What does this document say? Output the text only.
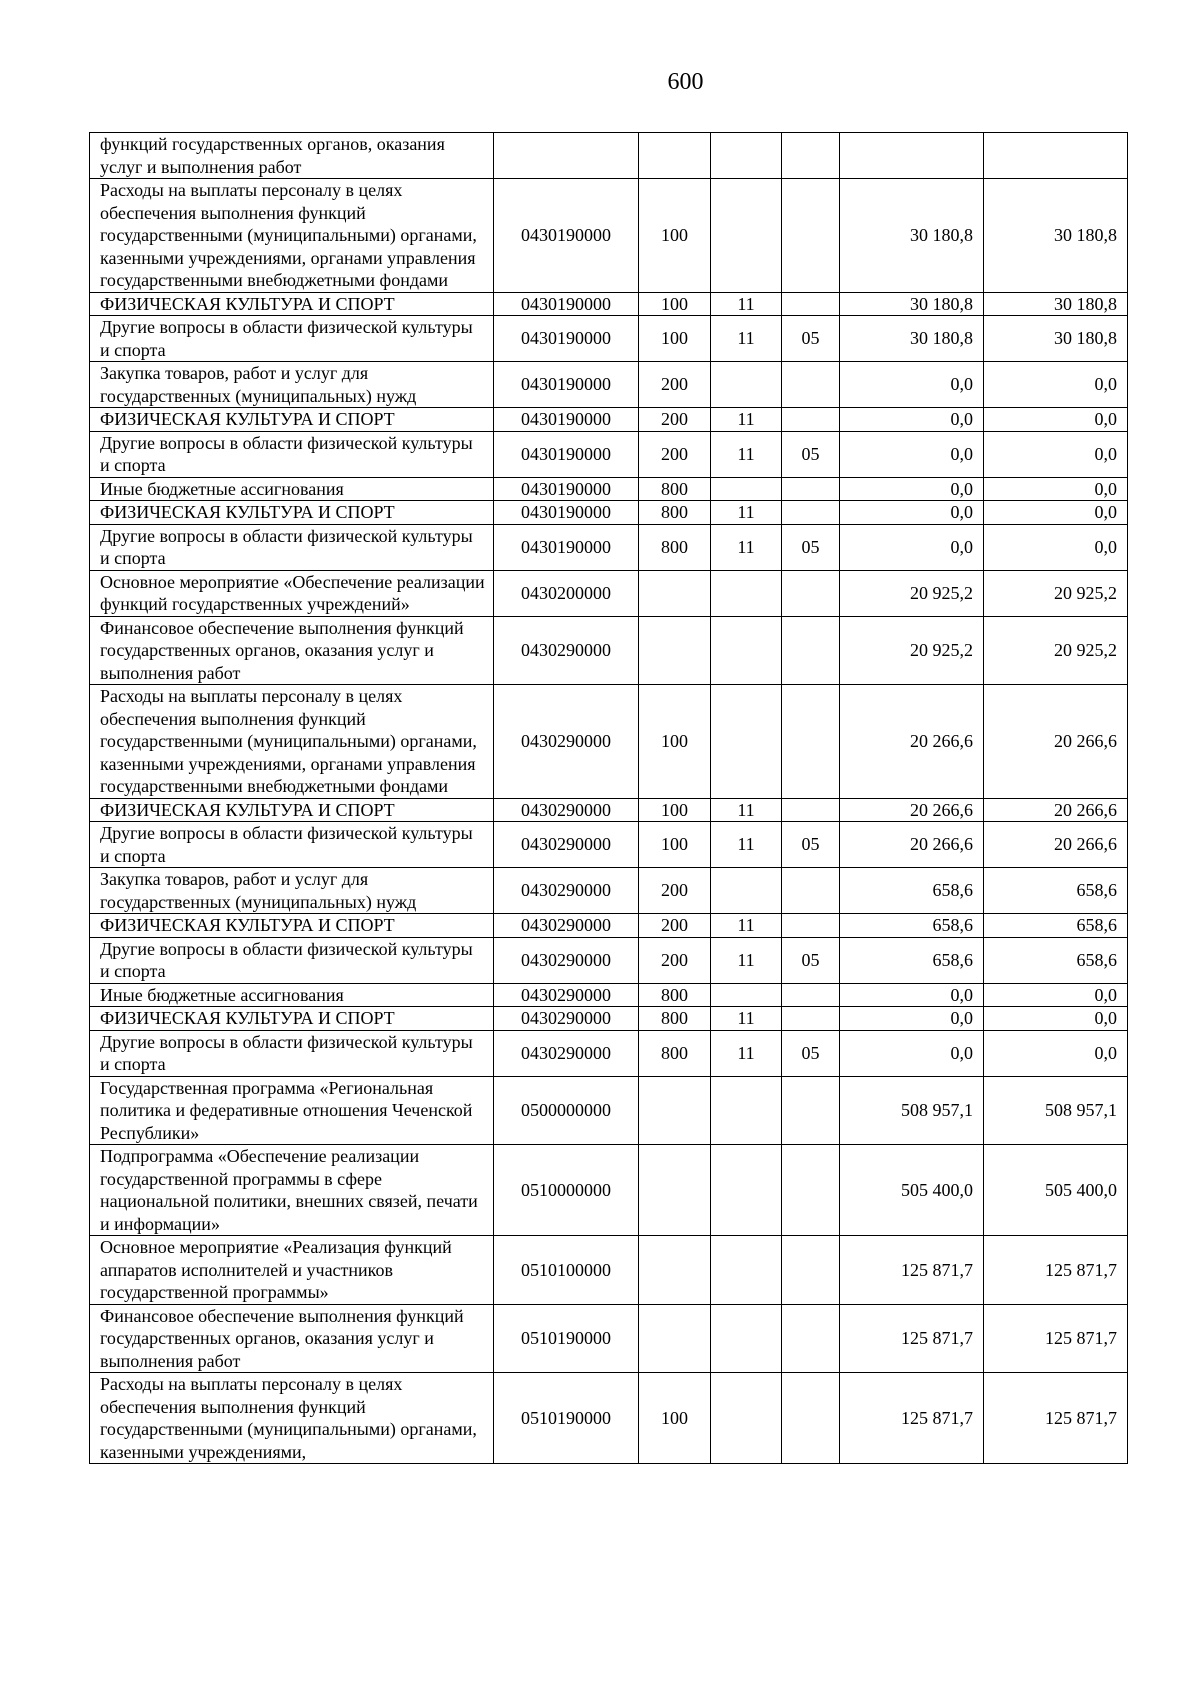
600
функций государственных органов, оказания услуг и выполнения работ						
Расходы на выплаты персоналу в целях обеспечения выполнения функций государственными (муниципальными) органами, казенными учреждениями, органами управления государственными внебюджетными фондами	0430190000	100			30 180,8	30 180,8
ФИЗИЧЕСКАЯ КУЛЬТУРА И СПОРТ	0430190000	100	11		30 180,8	30 180,8
Другие вопросы в области физической культуры и спорта	0430190000	100	11	05	30 180,8	30 180,8
Закупка товаров, работ и услуг для государственных (муниципальных) нужд	0430190000	200			0,0	0,0
ФИЗИЧЕСКАЯ КУЛЬТУРА И СПОРТ	0430190000	200	11		0,0	0,0
Другие вопросы в области физической культуры и спорта	0430190000	200	11	05	0,0	0,0
Иные бюджетные ассигнования	0430190000	800			0,0	0,0
ФИЗИЧЕСКАЯ КУЛЬТУРА И СПОРТ	0430190000	800	11		0,0	0,0
Другие вопросы в области физической культуры и спорта	0430190000	800	11	05	0,0	0,0
Основное мероприятие «Обеспечение реализации функций государственных учреждений»	0430200000				20 925,2	20 925,2
Финансовое обеспечение выполнения функций государственных органов, оказания услуг и выполнения работ	0430290000				20 925,2	20 925,2
Расходы на выплаты персоналу в целях обеспечения выполнения функций государственными (муниципальными) органами, казенными учреждениями, органами управления государственными внебюджетными фондами	0430290000	100			20 266,6	20 266,6
ФИЗИЧЕСКАЯ КУЛЬТУРА И СПОРТ	0430290000	100	11		20 266,6	20 266,6
Другие вопросы в области физической культуры и спорта	0430290000	100	11	05	20 266,6	20 266,6
Закупка товаров, работ и услуг для государственных (муниципальных) нужд	0430290000	200			658,6	658,6
ФИЗИЧЕСКАЯ КУЛЬТУРА И СПОРТ	0430290000	200	11		658,6	658,6
Другие вопросы в области физической культуры и спорта	0430290000	200	11	05	658,6	658,6
Иные бюджетные ассигнования	0430290000	800			0,0	0,0
ФИЗИЧЕСКАЯ КУЛЬТУРА И СПОРТ	0430290000	800	11		0,0	0,0
Другие вопросы в области физической культуры и спорта	0430290000	800	11	05	0,0	0,0
Государственная программа «Региональная политика и федеративные отношения Чеченской Республики»	0500000000				508 957,1	508 957,1
Подпрограмма «Обеспечение реализации государственной программы в сфере национальной политики, внешних связей, печати и информации»	0510000000				505 400,0	505 400,0
Основное мероприятие «Реализация функций аппаратов исполнителей и участников государственной программы»	0510100000				125 871,7	125 871,7
Финансовое обеспечение выполнения функций государственных органов, оказания услуг и выполнения работ	0510190000				125 871,7	125 871,7
Расходы на выплаты персоналу в целях обеспечения выполнения функций государственными (муниципальными) органами, казенными учреждениями,	0510190000	100			125 871,7	125 871,7
